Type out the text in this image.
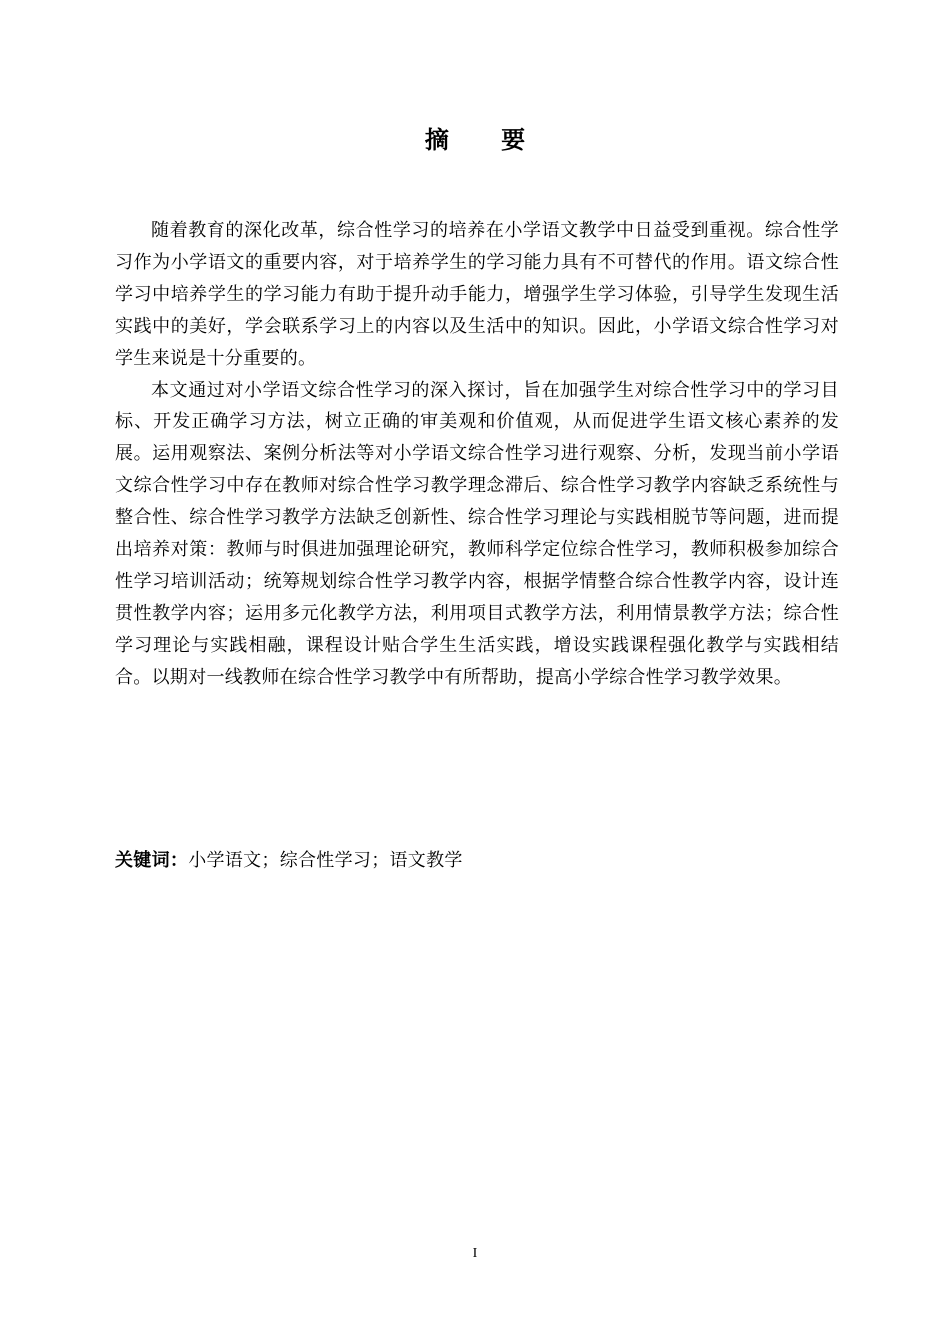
摘 要

随着教育的深化改革，综合性学习的培养在小学语文教学中日益受到重视。综合性学习作为小学语文的重要内容，对于培养学生的学习能力具有不可替代的作用。语文综合性学习中培养学生的学习能力有助于提升动手能力，增强学生学习体验，引导学生发现生活实践中的美好，学会联系学习上的内容以及生活中的知识。因此，小学语文综合性学习对学生来说是十分重要的。

本文通过对小学语文综合性学习的深入探讨，旨在加强学生对综合性学习中的学习目标、开发正确学习方法，树立正确的审美观和价值观，从而促进学生语文核心素养的发展。运用观察法、案例分析法等对小学语文综合性学习进行观察、分析，发现当前小学语文综合性学习中存在教师对综合性学习教学理念滞后、综合性学习教学内容缺乏系统性与整合性、综合性学习教学方法缺乏创新性、综合性学习理论与实践相脱节等问题，进而提出培养对策：教师与时俱进加强理论研究，教师科学定位综合性学习，教师积极参加综合性学习培训活动；统筹规划综合性学习教学内容，根据学情整合综合性教学内容，设计连贯性教学内容；运用多元化教学方法，利用项目式教学方法，利用情景教学方法；综合性学习理论与实践相融，课程设计贴合学生生活实践，增设实践课程强化教学与实践相结合。以期对一线教师在综合性学习教学中有所帮助，提高小学综合性学习教学效果。

关键词：小学语文；综合性学习；语文教学
I
